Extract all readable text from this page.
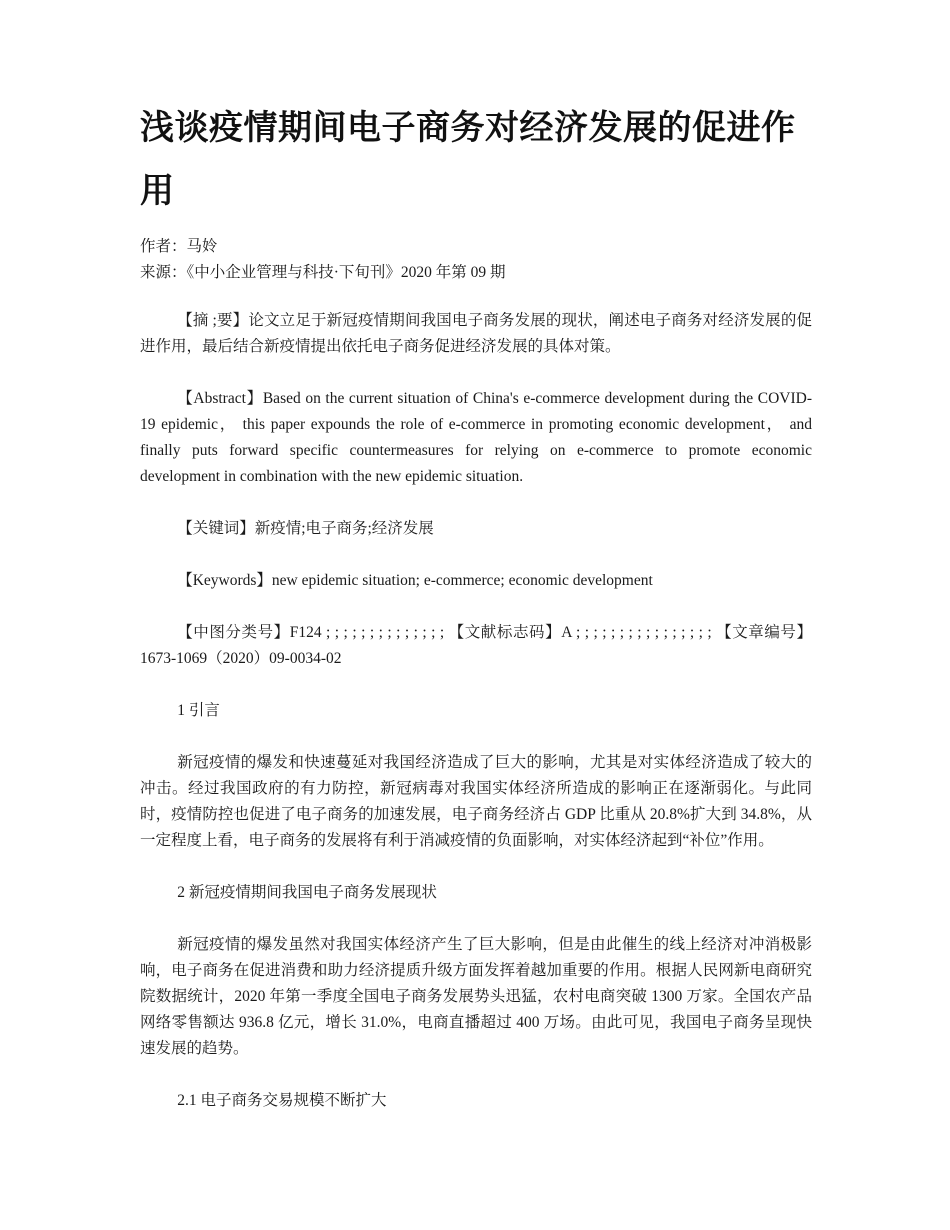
浅谈疫情期间电子商务对经济发展的促进作用

作者：马姈

来源：《中小企业管理与科技·下旬刊》2020 年第 09 期

【摘 ;要】论文立足于新冠疫情期间我国电子商务发展的现状，阐述电子商务对经济发展的促进作用，最后结合新疫情提出依托电子商务促进经济发展的具体对策。

【Abstract】Based on the current situation of China's e-commerce development during the COVID-19 epidemic， this paper expounds the role of e-commerce in promoting economic development， and finally puts forward specific countermeasures for relying on e-commerce to promote economic development in combination with the new epidemic situation.

【关键词】新疫情;电子商务;经济发展

【Keywords】new epidemic situation; e-commerce; economic development

【中图分类号】F124 ; ; ; ; ; ; ; ; ; ; ; ; ; ; 【文献标志码】A ; ; ; ; ; ; ; ; ; ; ; ; ; ; ; ; 【文章编号】1673-1069（2020）09-0034-02

1 引言

新冠疫情的爆发和快速蔓延对我国经济造成了巨大的影响，尤其是对实体经济造成了较大的冲击。经过我国政府的有力防控，新冠病毒对我国实体经济所造成的影响正在逐渐弱化。与此同时，疫情防控也促进了电子商务的加速发展，电子商务经济占 GDP 比重从 20.8%扩大到 34.8%，从一定程度上看，电子商务的发展将有利于消减疫情的负面影响，对实体经济起到“补位”作用。

2 新冠疫情期间我国电子商务发展现状

新冠疫情的爆发虽然对我国实体经济产生了巨大影响，但是由此催生的线上经济对冲消极影响，电子商务在促进消费和助力经济提质升级方面发挥着越加重要的作用。根据人民网新电商研究院数据统计，2020 年第一季度全国电子商务发展势头迅猛，农村电商突破 1300 万家。全国农产品网络零售额达 936.8 亿元，增长 31.0%，电商直播超过 400 万场。由此可见，我国电子商务呈现快速发展的趋势。

2.1 电子商务交易规模不断扩大
